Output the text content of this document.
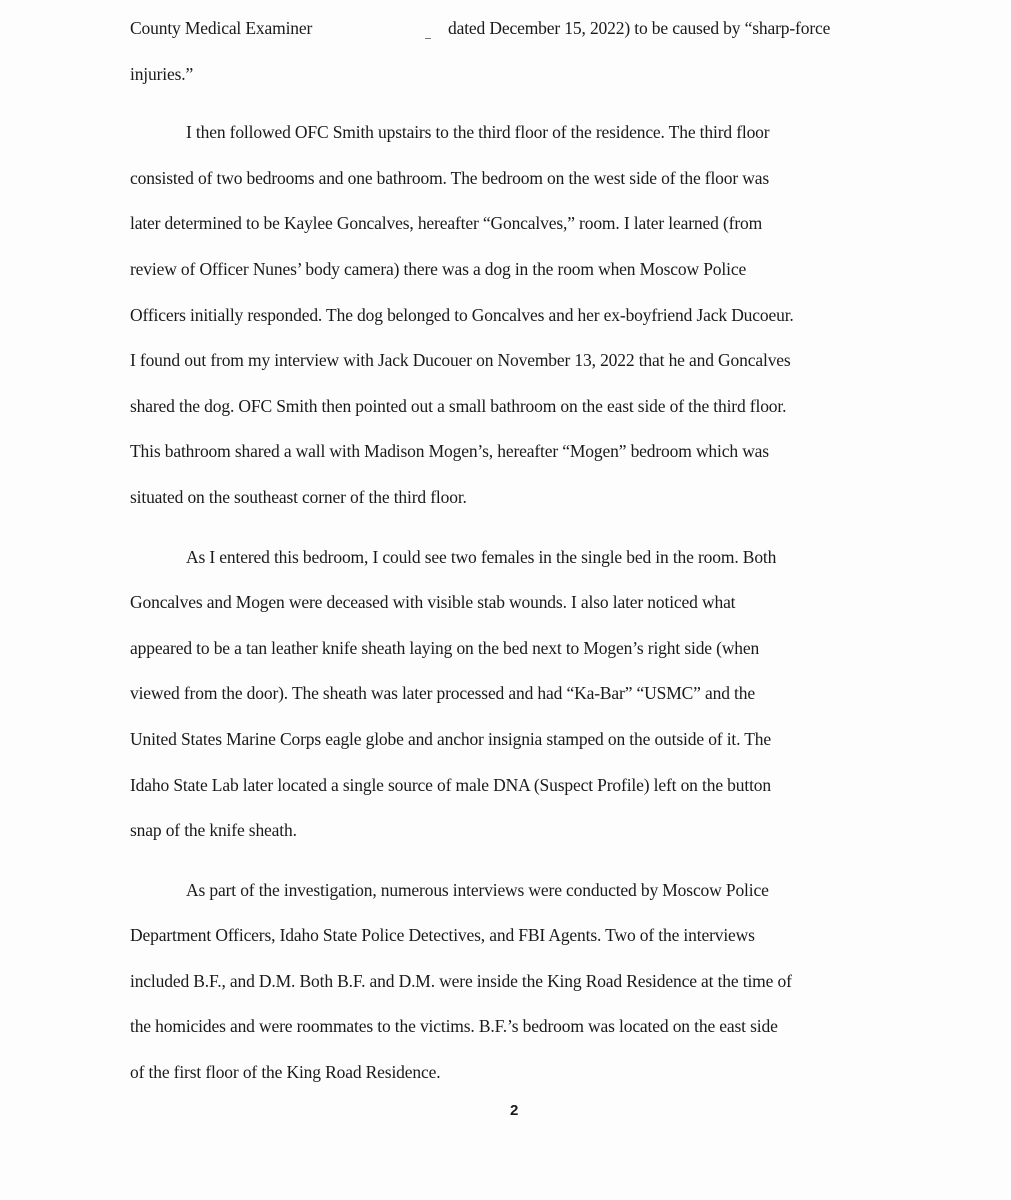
County Medical Examiner	dated December 15, 2022) to be caused by “sharp-force
injuries.”
I then followed OFC Smith upstairs to the third floor of the residence. The third floor
consisted of two bedrooms and one bathroom. The bedroom on the west side of the floor was
later determined to be Kaylee Goncalves, hereafter “Goncalves,” room. I later learned (from
review of Officer Nunes’ body camera) there was a dog in the room when Moscow Police
Officers initially responded. The dog belonged to Goncalves and her ex-boyfriend Jack Ducoeur.
I found out from my interview with Jack Ducouer on November 13, 2022 that he and Goncalves
shared the dog. OFC Smith then pointed out a small bathroom on the east side of the third floor.
This bathroom shared a wall with Madison Mogen’s, hereafter “Mogen” bedroom which was
situated on the southeast corner of the third floor.
As I entered this bedroom, I could see two females in the single bed in the room. Both
Goncalves and Mogen were deceased with visible stab wounds. I also later noticed what
appeared to be a tan leather knife sheath laying on the bed next to Mogen’s right side (when
viewed from the door). The sheath was later processed and had “Ka-Bar” “USMC” and the
United States Marine Corps eagle globe and anchor insignia stamped on the outside of it. The
Idaho State Lab later located a single source of male DNA (Suspect Profile) left on the button
snap of the knife sheath.
As part of the investigation, numerous interviews were conducted by Moscow Police
Department Officers, Idaho State Police Detectives, and FBI Agents. Two of the interviews
included B.F., and D.M. Both B.F. and D.M. were inside the King Road Residence at the time of
the homicides and were roommates to the victims. B.F.’s bedroom was located on the east side
of the first floor of the King Road Residence.
2
